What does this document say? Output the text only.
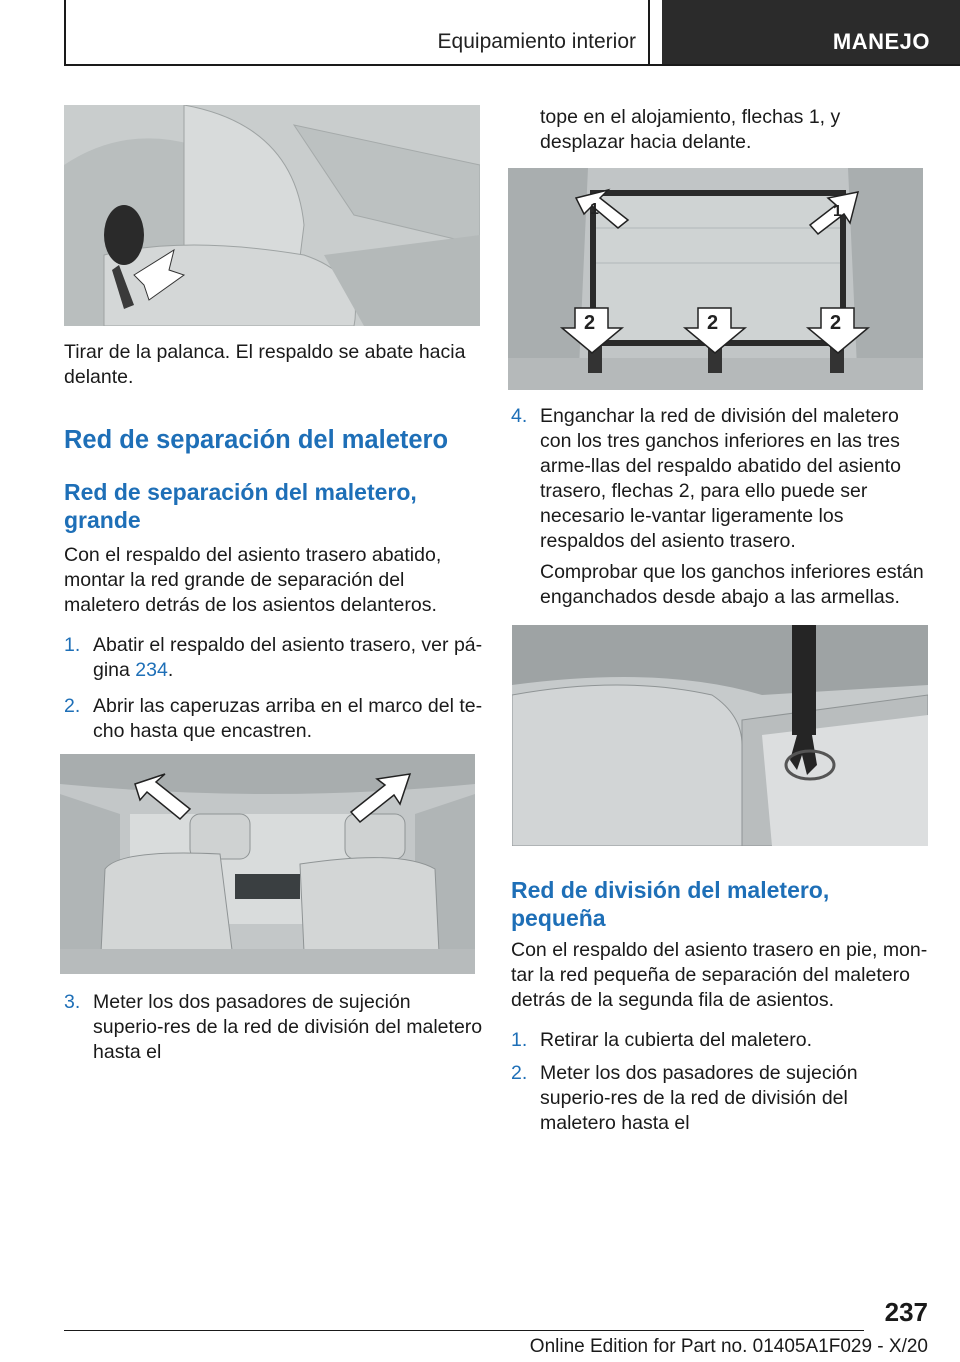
Equipamiento interior	MANEJO
Tirar de la palanca. El respaldo se abate hacia delante.
Red de separación del maletero
Red de separación del maletero, grande
Con el respaldo del asiento trasero abatido, montar la red grande de separación del maletero detrás de los asientos delanteros.
1. Abatir el respaldo del asiento trasero, ver pá‐gina 234.
2. Abrir las caperuzas arriba en el marco del te‐cho hasta que encastren.
3. Meter los dos pasadores de sujeción superio‐res de la red de división del maletero hasta el
tope en el alojamiento, flechas 1, y desplazar hacia delante.
1	1
2	2	2
4. Enganchar la red de división del maletero con los tres ganchos inferiores en las tres arme‐llas del respaldo abatido del asiento trasero, flechas 2, para ello puede ser necesario le‐vantar ligeramente los respaldos del asiento trasero.
Comprobar que los ganchos inferiores están enganchados desde abajo a las armellas.
Red de división del maletero, pequeña
Con el respaldo del asiento trasero en pie, mon‐tar la red pequeña de separación del maletero detrás de la segunda fila de asientos.
1. Retirar la cubierta del maletero.
2. Meter los dos pasadores de sujeción superio‐res de la red de división del maletero hasta el
237
Online Edition for Part no. 01405A1F029 - X/20
